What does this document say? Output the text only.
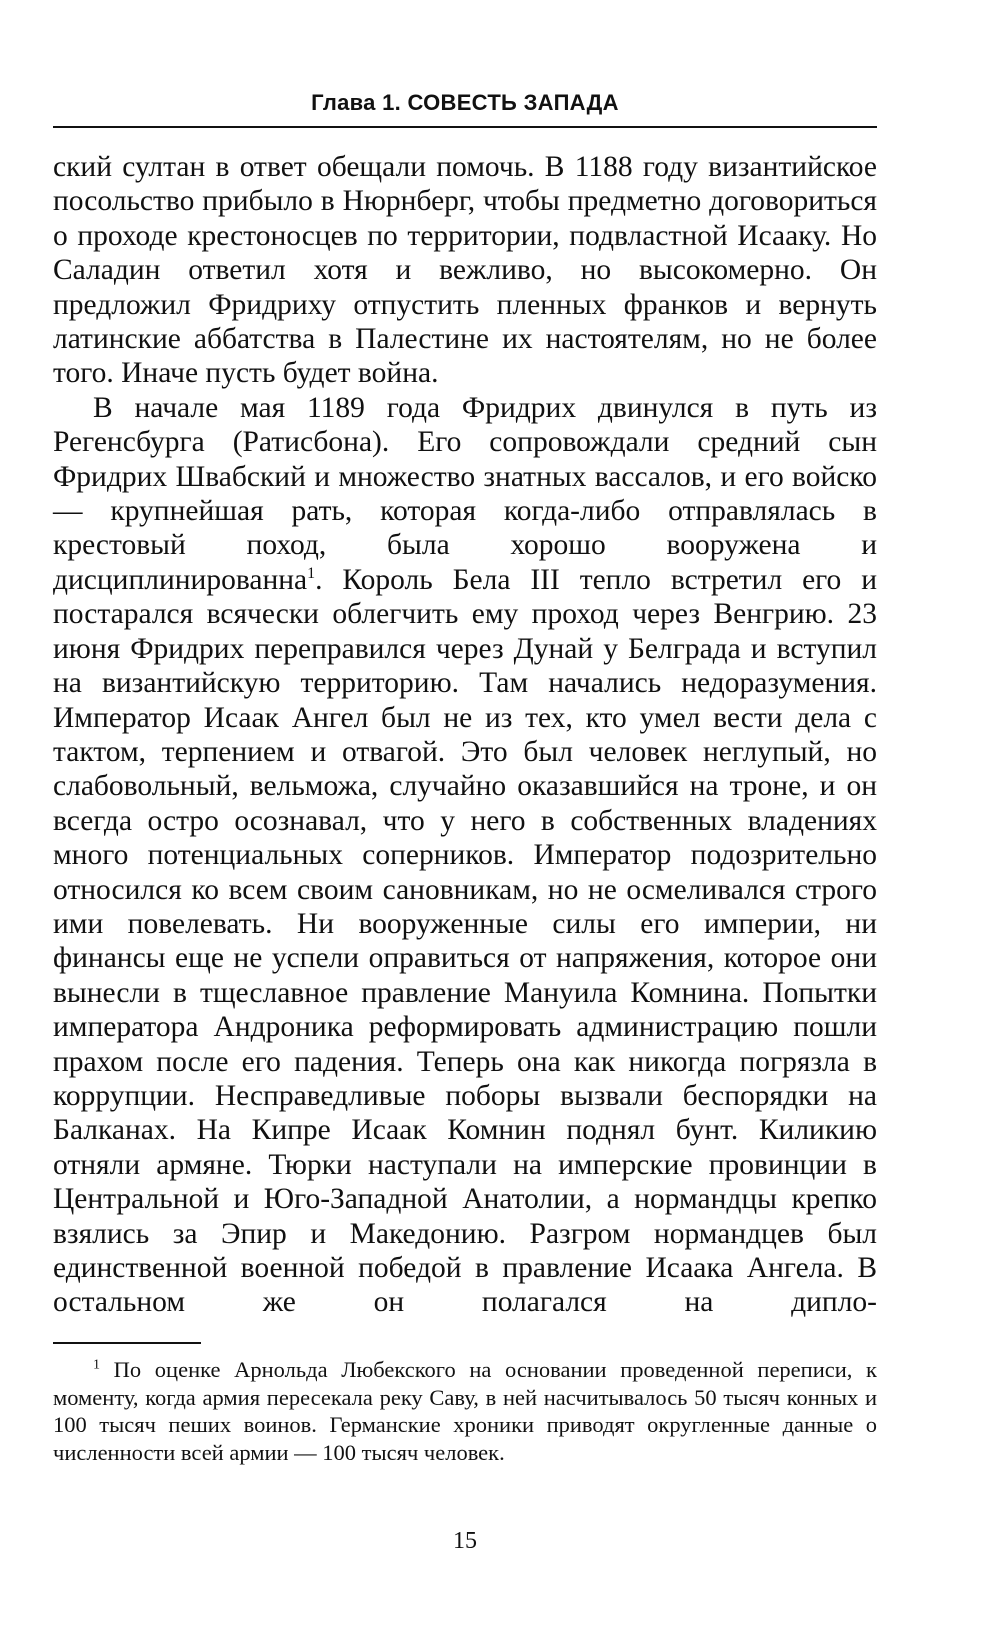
Глава 1. СОВЕСТЬ ЗАПАДА

ский султан в ответ обещали помочь. В 1188 году византийское посольство прибыло в Нюрнберг, чтобы предметно договориться о проходе крестоносцев по территории, подвластной Исааку. Но Саладин ответил хотя и вежливо, но высокомерно. Он предложил Фридриху отпустить пленных франков и вернуть латинские аббатства в Палестине их настоятелям, но не более того. Иначе пусть будет война.

В начале мая 1189 года Фридрих двинулся в путь из Регенсбурга (Ратисбона). Его сопровождали средний сын Фридрих Швабский и множество знатных вассалов, и его войско — крупнейшая рать, которая когда-либо отправлялась в крестовый поход, была хорошо вооружена и дисциплинированна$^1$. Король Бела III тепло встретил его и постарался всячески облегчить ему проход через Венгрию. 23 июня Фридрих переправился через Дунай у Белграда и вступил на византийскую территорию. Там начались недоразумения. Император Исаак Ангел был не из тех, кто умел вести дела с тактом, терпением и отвагой. Это был человек неглупый, но слабовольный, вельможа, случайно оказавшийся на троне, и он всегда остро осознавал, что у него в собственных владениях много потенциальных соперников. Император подозрительно относился ко всем своим сановникам, но не осмеливался строго ими повелевать. Ни вооруженные силы его империи, ни финансы еще не успели оправиться от напряжения, которое они вынесли в тщеславное правление Мануила Комнина. Попытки императора Андроника реформировать администрацию пошли прахом после его падения. Теперь она как никогда погрязла в коррупции. Несправедливые поборы вызвали беспорядки на Балканах. На Кипре Исаак Комнин поднял бунт. Киликию отняли армяне. Тюрки наступали на имперские провинции в Центральной и Юго-Западной Анатолии, а нормандцы крепко взялись за Эпир и Македонию. Разгром нормандцев был единственной военной победой в правление Исаака Ангела. В остальном же он полагался на дипло-

$^1$ По оценке Арнольда Любекского на основании проведенной переписи, к моменту, когда армия пересекала реку Саву, в ней насчитывалось 50 тысяч конных и 100 тысяч пеших воинов. Германские хроники приводят округленные данные о численности всей армии — 100 тысяч человек.

15
